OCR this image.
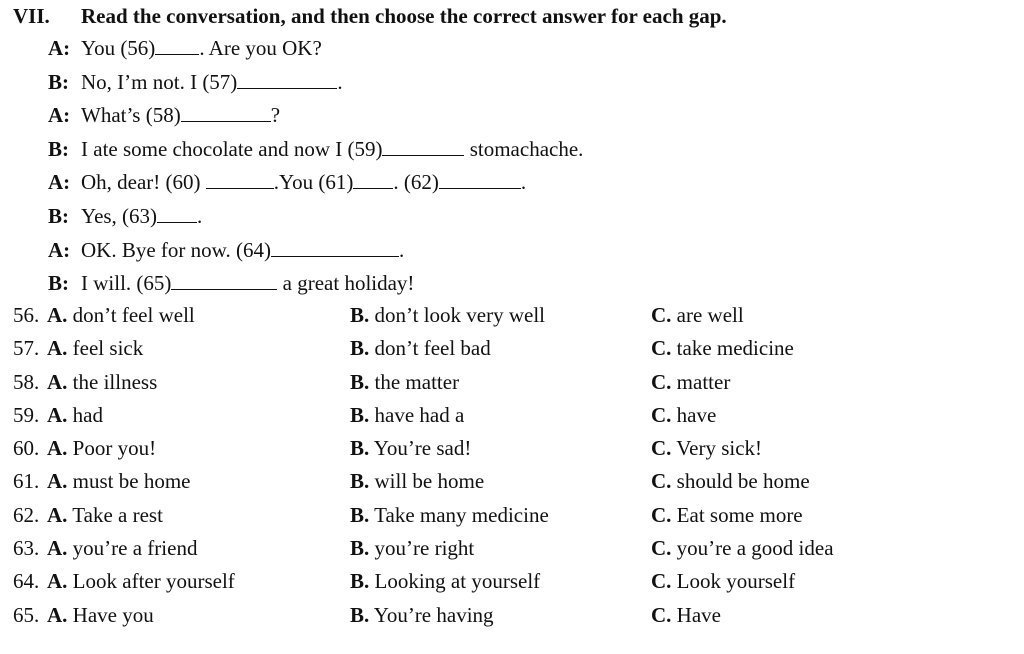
VII. Read the conversation, and then choose the correct answer for each gap.
A: You (56) . Are you OK?
B: No, I’m not. I (57)	.
A: What’s (58)	?
B: I ate some chocolate and now I (59)	stomachache.
A: Oh, dear! (60)	.You (61) . (62)	.
B: Yes, (63) .
A: OK. Bye for now. (64)	.
B: I will. (65)	a great holiday!
56. A. don’t feel well	B. don’t look very well	C. are well
57. A. feel sick	B. don’t feel bad	C. take medicine
58. A. the illness	B. the matter	C. matter
59. A. had	B. have had a	C. have
60. A. Poor you!	B. You’re sad!	C. Very sick!
61. A. must be home	B. will be home	C. should be home
62. A. Take a rest	B. Take many medicine	C. Eat some more
63. A. you’re a friend	B. you’re right	C. you’re a good idea
64. A. Look after yourself	B. Looking at yourself	C. Look yourself
65. A. Have you	B. You’re having	C. Have
